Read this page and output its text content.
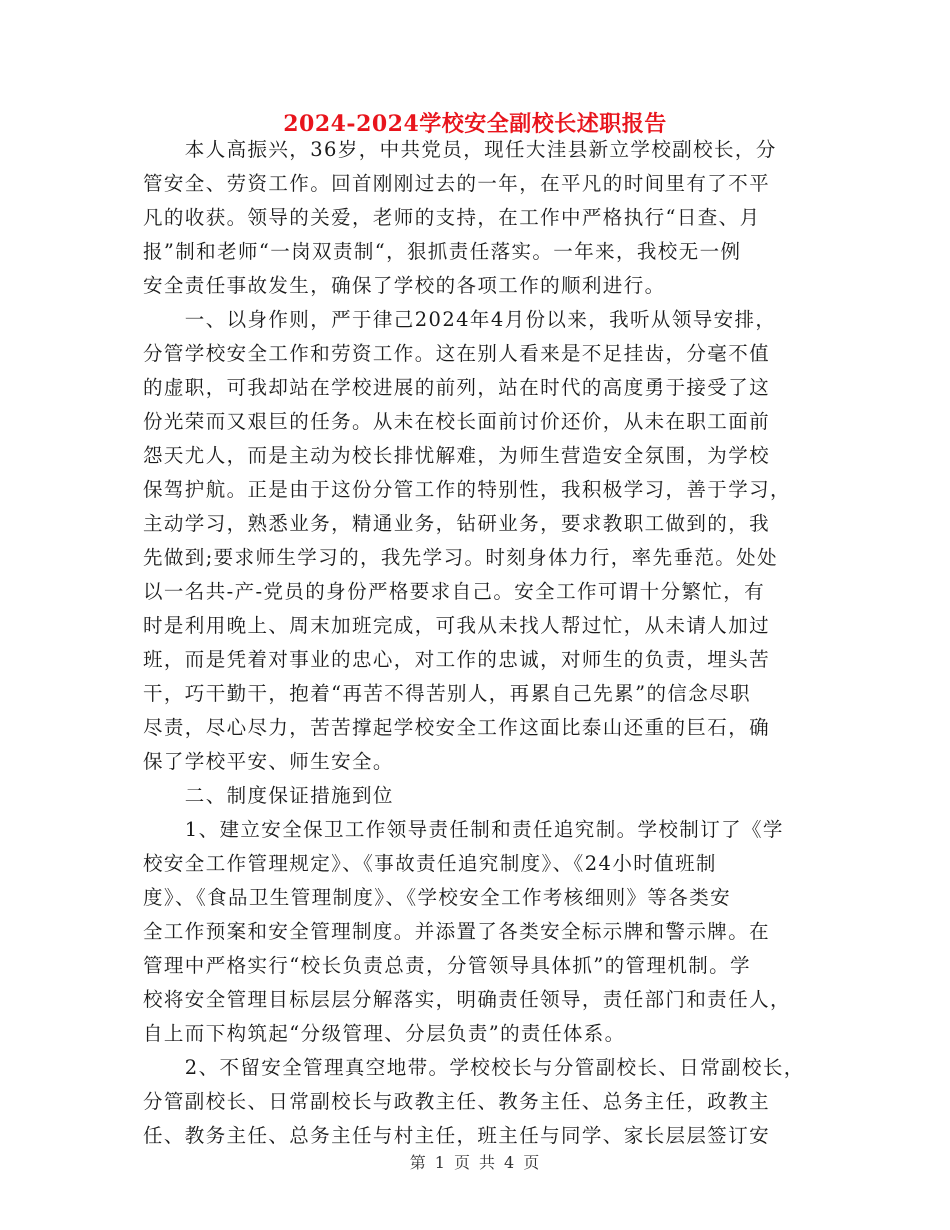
2024-2024学校安全副校长述职报告
　　本人高振兴，36岁，中共党员，现任大洼县新立学校副校长，分
管安全、劳资工作。回首刚刚过去的一年，在平凡的时间里有了不平
凡的收获。领导的关爱，老师的支持，在工作中严格执行“日查、月
报”制和老师“一岗双责制“，狠抓责任落实。一年来，我校无一例
安全责任事故发生，确保了学校的各项工作的顺利进行。
　　一、以身作则，严于律己2024年4月份以来，我听从领导安排，
分管学校安全工作和劳资工作。这在别人看来是不足挂齿，分毫不值
的虚职，可我却站在学校进展的前列，站在时代的高度勇于接受了这
份光荣而又艰巨的任务。从未在校长面前讨价还价，从未在职工面前
怨天尤人，而是主动为校长排忧解难，为师生营造安全氛围，为学校
保驾护航。正是由于这份分管工作的特别性，我积极学习，善于学习，
主动学习，熟悉业务，精通业务，钻研业务，要求教职工做到的，我
先做到;要求师生学习的，我先学习。时刻身体力行，率先垂范。处处
以一名共-产-党员的身份严格要求自己。安全工作可谓十分繁忙，有
时是利用晚上、周末加班完成，可我从未找人帮过忙，从未请人加过
班，而是凭着对事业的忠心，对工作的忠诚，对师生的负责，埋头苦
干，巧干勤干，抱着“再苦不得苦别人，再累自己先累”的信念尽职
尽责，尽心尽力，苦苦撑起学校安全工作这面比泰山还重的巨石，确
保了学校平安、师生安全。
　　二、制度保证措施到位
　　1、建立安全保卫工作领导责任制和责任追究制。学校制订了《学
校安全工作管理规定》、《事故责任追究制度》、《24小时值班制
度》、《食品卫生管理制度》、《学校安全工作考核细则》等各类安
全工作预案和安全管理制度。并添置了各类安全标示牌和警示牌。在
管理中严格实行“校长负责总责，分管领导具体抓”的管理机制。学
校将安全管理目标层层分解落实，明确责任领导，责任部门和责任人，
自上而下构筑起“分级管理、分层负责”的责任体系。
　　2、不留安全管理真空地带。学校校长与分管副校长、日常副校长，
分管副校长、日常副校长与政教主任、教务主任、总务主任，政教主
任、教务主任、总务主任与村主任，班主任与同学、家长层层签订安
第 1 页 共 4 页
